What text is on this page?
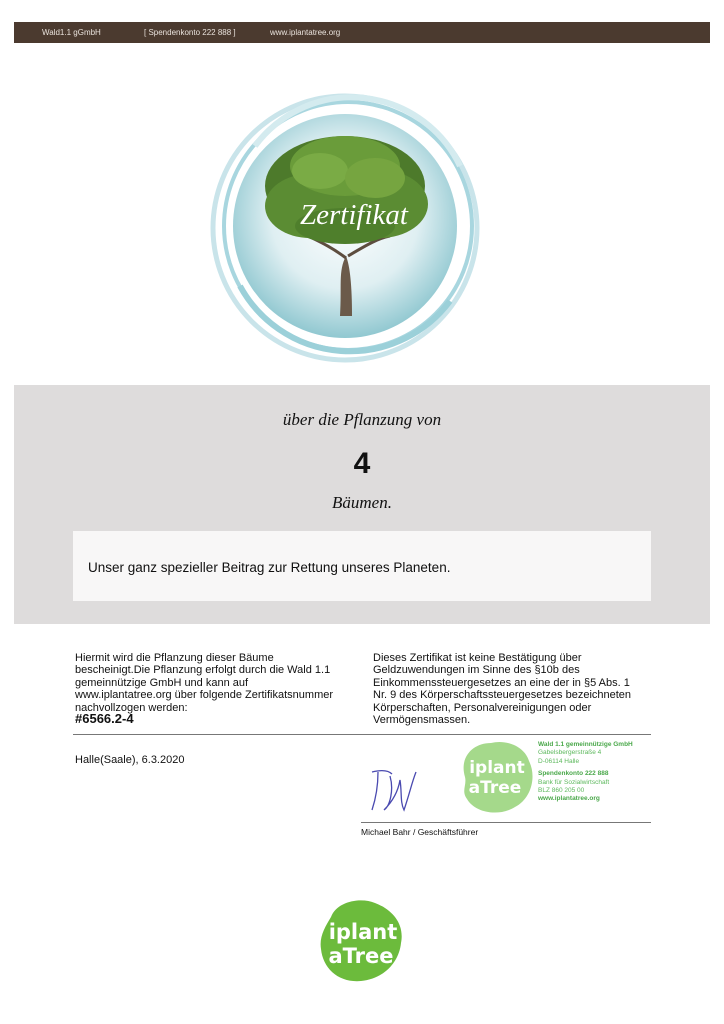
Wald1.1 gGmbH	[ Spendenkonto 222 888 ]	www.iplantatree.org
Zertifikat
über die Pflanzung von
Bäumen.
4
Unser ganz spezieller Beitrag zur Rettung unseres Planeten.
Hiermit wird die Pflanzung dieser Bäume
bescheinigt.Die Pflanzung erfolgt durch die Wald 1.1
gemeinnützige GmbH und kann auf
www.iplantatree.org über folgende Zertifikatsnummer
nachvollzogen werden:
#6566.2-4
Dieses Zertifikat ist keine Bestätigung über
Geldzuwendungen im Sinne des §10b des
Einkommenssteuergesetzes an eine der in §5 Abs. 1
Nr. 9 des Körperschaftssteuergesetzes bezeichneten
Körperschaften, Personalvereinigungen oder
Vermögensmassen.
Halle(Saale), 6.3.2020	iplant
aTree
Wald 1.1 gemeinnützige GmbH
Gabelsbergerstraße 4
D-06114 Halle
Spendenkonto 222 888
Bank für Sozialwirtschaft
BLZ 860 205 00
www.iplantatree.org
Michael Bahr / Geschäftsführer
iplant
aTree
